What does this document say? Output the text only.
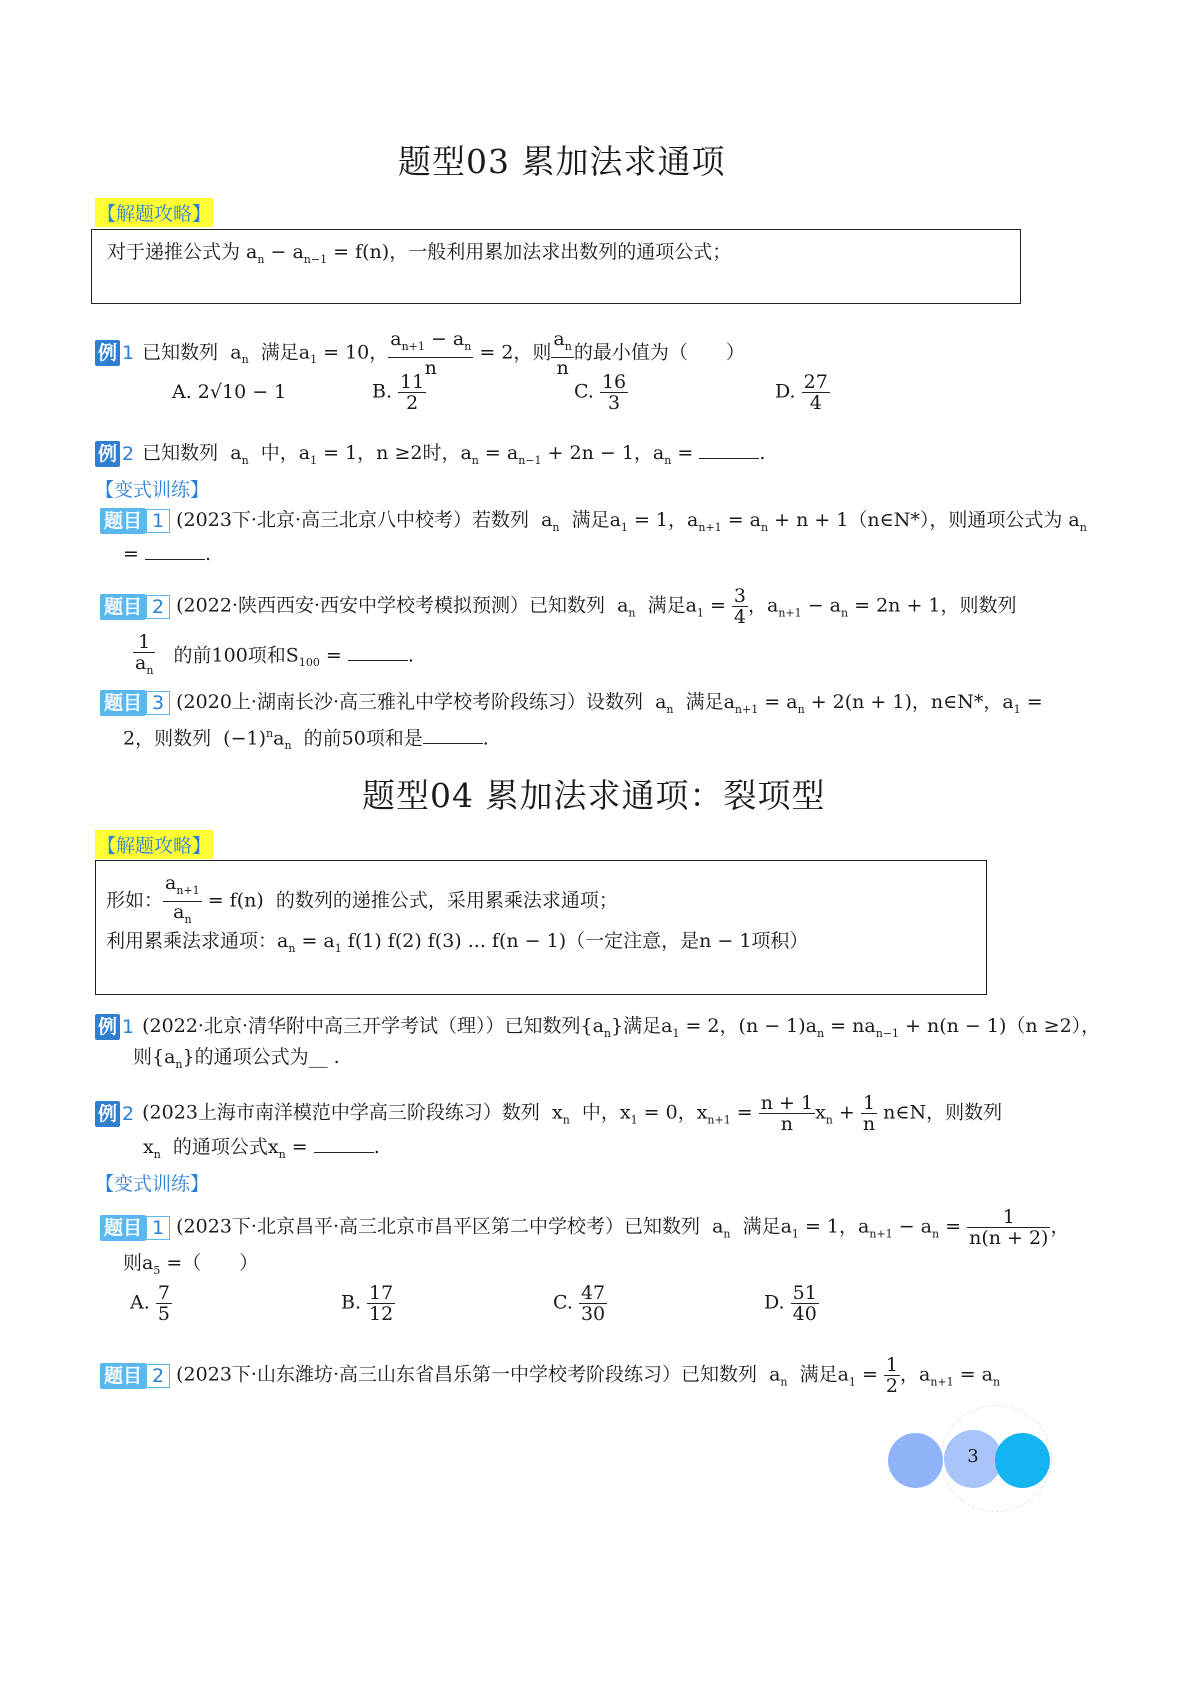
题型03 累加法求通项
【解题攻略】
对于递推公式为 $a_n - a_{n-1} = f(n)$，一般利用累加法求出数列的通项公式；
例 1 已知数列  $a_n$  满足$a_1 = 10$， $\frac{a_{n+1} - a_n}{n} = 2$，则 $\frac{a_n}{n}$ 的最小值为（　　）
A. 2√10 − 1	B. $\frac{11}{2}$	C. $\frac{16}{3}$	D. $\frac{27}{4}$
例 2 已知数列  $a_n$  中，$a_1 = 1$，n ≥2时，$a_n = a_{n-1} + 2n - 1$，$a_n$ =	.
【变式训练】
题目 1 (2023下·北京·高三北京八中校考）若数列  $a_n$  满足$a_1 = 1$，$a_{n+1} = a_n + n$ + 1（n∈N*），则通项公式为 $a_n$
=	.
题目 2 (2022·陕西西安·西安中学校考模拟预测）已知数列  $a_n$  满足$a_1 = \frac{3}{4}$ ，$a_{n+1} - a_n = 2n + 1$，则数列
$\frac{1}{a_n}$ 的前100项和$S_{100}$ =	.
题目 3 (2020上·湖南长沙·高三雅礼中学校考阶段练习）设数列  $a_n$  满足$a_{n+1} = a_n + 2(n + 1)$，n∈N*，$a_1$ =
2，则数列  $(-1)^na_n$  的前50项和是	.
题型04 累加法求通项：裂项型
【解题攻略】
形如： $\frac{a_{n+1}}{a_n} = f(n)$  的数列的递推公式，采用累乘法求通项；
利用累乘法求通项：$a_n = a_1$ f(1) f(2) f(3) ... f(n − 1)（一定注意，是n − 1项积）
例 1 (2022·北京·清华附中高三开学考试（理））已知数列$\{a_n\}$满足$a_1 = 2$，$(n - 1)a_n = na_{n-1} + n(n - 1)(n \ge 2)$，
则$\{a_n\}$的通项公式为__ .
例 2 (2023上海市南洋模范中学高三阶段练习）数列  $x_n$  中，$x_1 = 0$，$x_{n+1} = \frac{n + 1}{n} x_n + \frac{1}{n}$ n∈N，则数列
$x_n$  的通项公式$x_n$ =	.
【变式训练】
题目 1 (2023下·北京昌平·高三北京市昌平区第二中学校考）已知数列  $a_n$  满足$a_1 = 1$，$a_{n+1} - a_n = \frac{1}{n(n + 2)}$ ，
则$a_5$ =（　　）
A. $\frac{7}{5}$	B. $\frac{17}{12}$	C. $\frac{47}{30}$	D. $\frac{51}{40}$
题目 2 (2023下·山东潍坊·高三山东省昌乐第一中学校考阶段练习）已知数列  $a_n$  满足$a_1 = \frac{1}{2}$ ，$a_{n+1} = a_n$
3
